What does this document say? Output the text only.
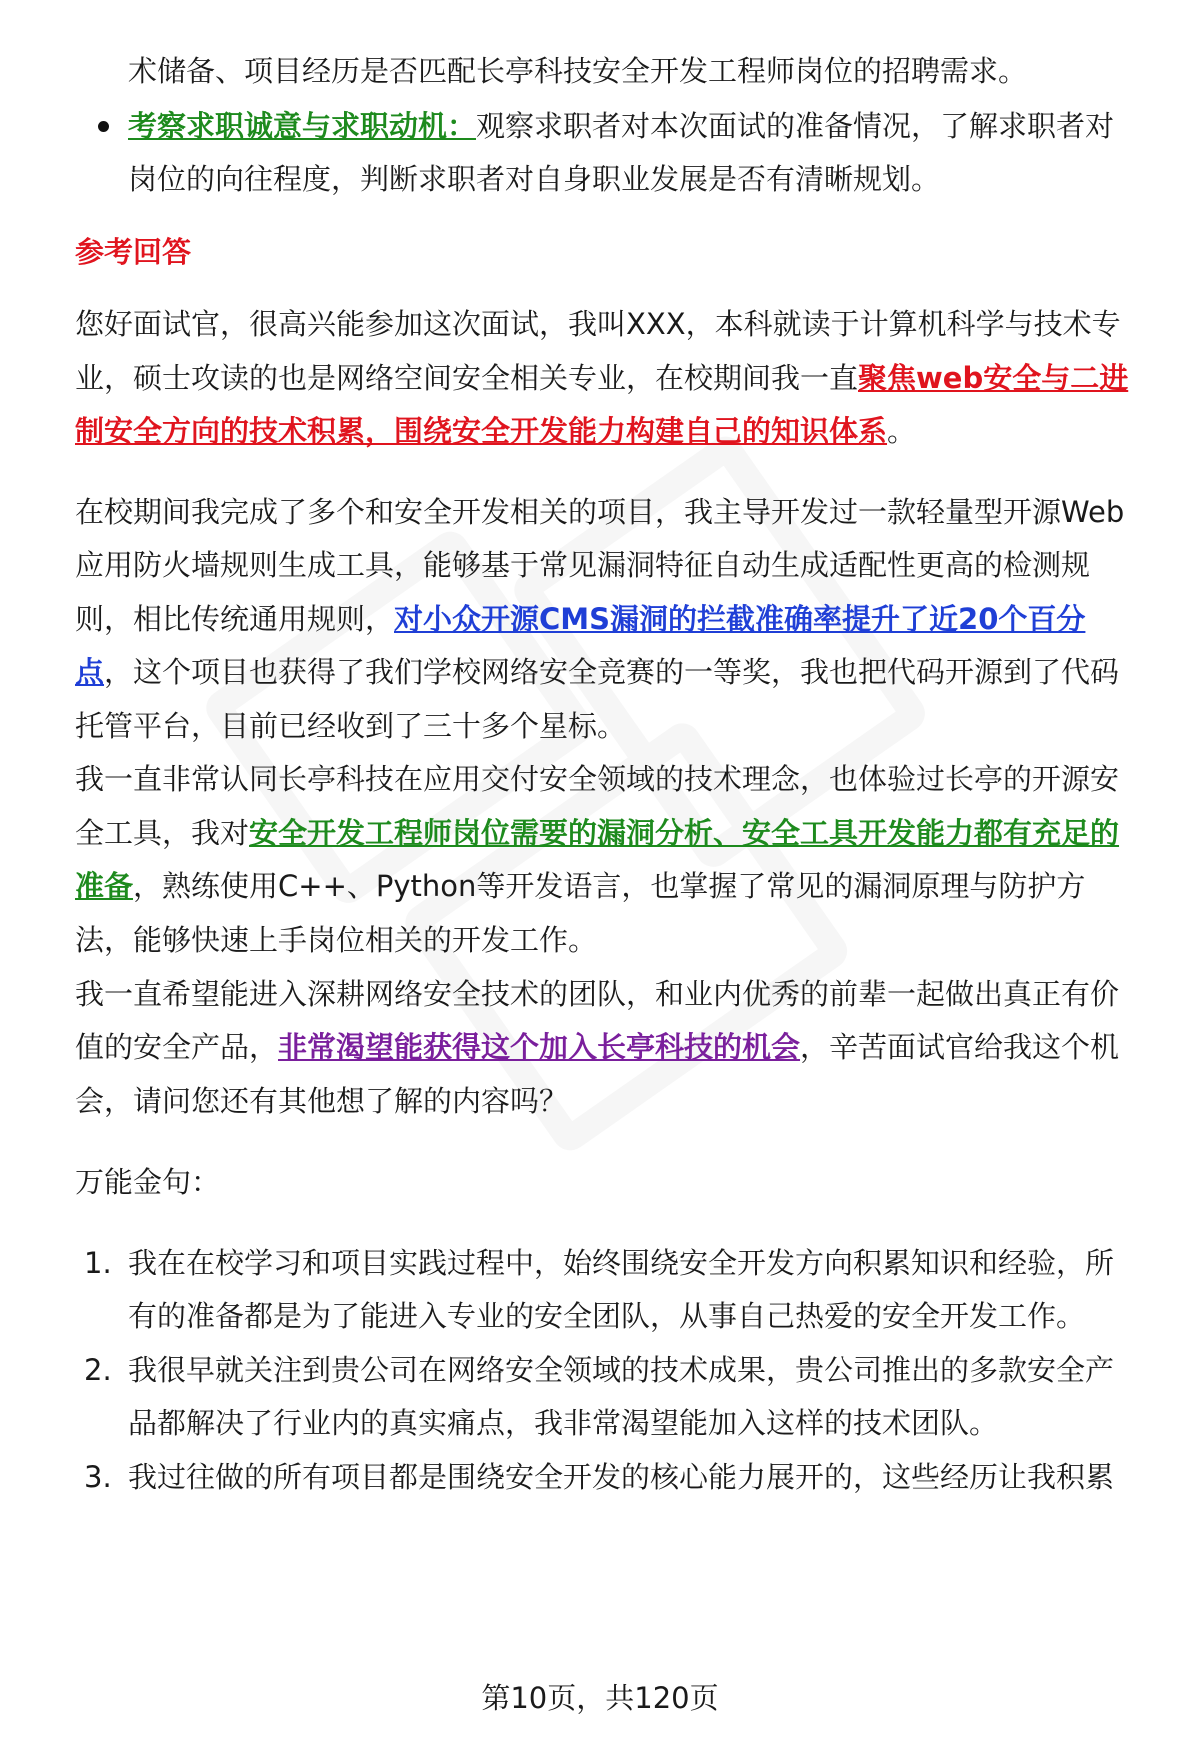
术储备、项目经历是否匹配长亭科技安全开发工程师岗位的招聘需求。
考察求职诚意与求职动机：观察求职者对本次面试的准备情况，了解求职者对
岗位的向往程度，判断求职者对自身职业发展是否有清晰规划。
参考回答
您好面试官，很高兴能参加这次面试，我叫XXX，本科就读于计算机科学与技术专
业，硕士攻读的也是网络空间安全相关专业，在校期间我一直聚焦web安全与二进
制安全方向的技术积累，围绕安全开发能力构建自己的知识体系。
在校期间我完成了多个和安全开发相关的项目，我主导开发过一款轻量型开源Web
应用防火墙规则生成工具，能够基于常见漏洞特征自动生成适配性更高的检测规
则，相比传统通用规则，对小众开源CMS漏洞的拦截准确率提升了近20个百分
点，这个项目也获得了我们学校网络安全竞赛的一等奖，我也把代码开源到了代码
托管平台，目前已经收到了三十多个星标。
我一直非常认同长亭科技在应用交付安全领域的技术理念，也体验过长亭的开源安
全工具，我对安全开发工程师岗位需要的漏洞分析、安全工具开发能力都有充足的
准备，熟练使用C++、Python等开发语言，也掌握了常见的漏洞原理与防护方
法，能够快速上手岗位相关的开发工作。
我一直希望能进入深耕网络安全技术的团队，和业内优秀的前辈一起做出真正有价
值的安全产品，非常渴望能获得这个加入长亭科技的机会，辛苦面试官给我这个机
会，请问您还有其他想了解的内容吗？
万能金句：
1. 我在在校学习和项目实践过程中，始终围绕安全开发方向积累知识和经验，所
有的准备都是为了能进入专业的安全团队，从事自己热爱的安全开发工作。
2. 我很早就关注到贵公司在网络安全领域的技术成果，贵公司推出的多款安全产
品都解决了行业内的真实痛点，我非常渴望能加入这样的技术团队。
3. 我过往做的所有项目都是围绕安全开发的核心能力展开的，这些经历让我积累
第10页，共120页
